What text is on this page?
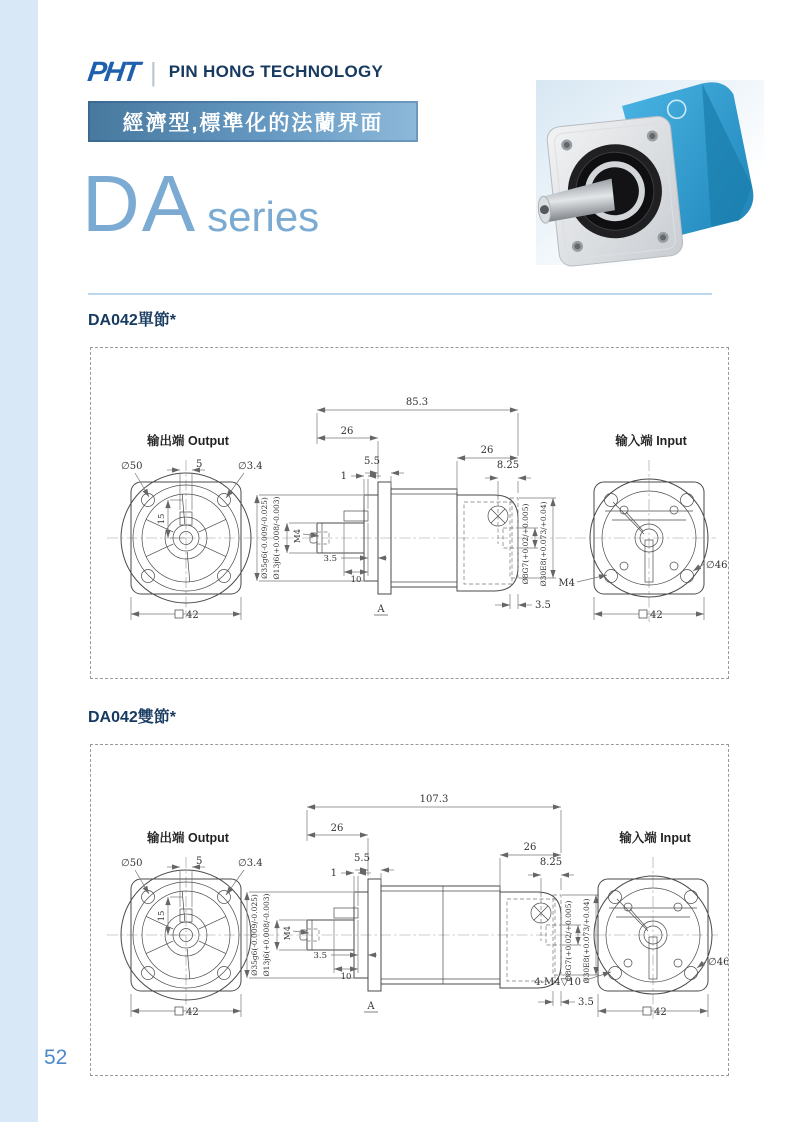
PHT | PIN HONG TECHNOLOGY
經濟型,標準化的法蘭界面
DA series
DA042單節*
输出端 Output	输入端 Input
5
∅50	∅3.4
15
42
85.3
26
26
5.5
1
8.25
Ø35g6(-0.009/-0.025) Ø13j6(+0.008/-0.003) M4
3.5
10
A
Ø8G7(+0.02/+0.005) Ø30E8(+0.073/+0.04)
3.5
42
∅46
M4
DA042雙節*
输出端 Output	输入端 Input
5
∅50	∅3.4
15
42
107.3
26
26
5.5
1
8.25
Ø35g6(-0.009/-0.025) Ø13j6(+0.008/-0.003) M4
3.5
10
A
Ø8G7(+0.02/+0.005) Ø30E8(+0.073/+0.04)
3.5
42
∅46
4-M4▽10
52
